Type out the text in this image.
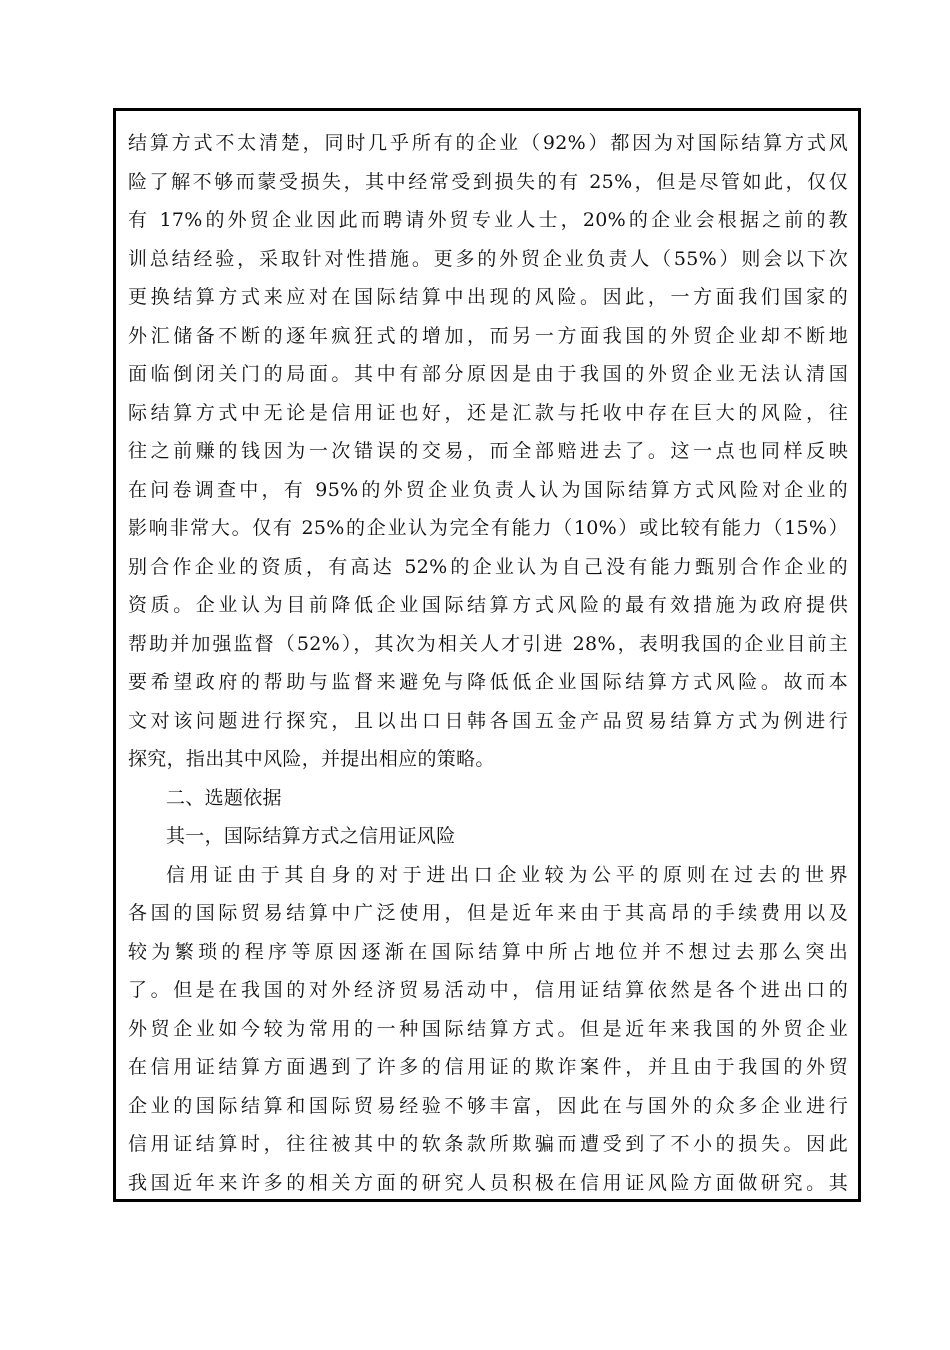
结算方式不太清楚，同时几乎所有的企业（92%）都因为对国际结算方式风
险了解不够而蒙受损失，其中经常受到损失的有 25%，但是尽管如此，仅仅
有 17%的外贸企业因此而聘请外贸专业人士，20%的企业会根据之前的教
训总结经验，采取针对性措施。更多的外贸企业负责人（55%）则会以下次
更换结算方式来应对在国际结算中出现的风险。因此，一方面我们国家的
外汇储备不断的逐年疯狂式的增加，而另一方面我国的外贸企业却不断地
面临倒闭关门的局面。其中有部分原因是由于我国的外贸企业无法认清国
际结算方式中无论是信用证也好，还是汇款与托收中存在巨大的风险，往
往之前赚的钱因为一次错误的交易，而全部赔进去了。这一点也同样反映
在问卷调查中，有 95%的外贸企业负责人认为国际结算方式风险对企业的
影响非常大。仅有 25%的企业认为完全有能力（10%）或比较有能力（15%）
别合作企业的资质，有高达 52%的企业认为自己没有能力甄别合作企业的
资质。企业认为目前降低企业国际结算方式风险的最有效措施为政府提供
帮助并加强监督（52%），其次为相关人才引进 28%，表明我国的企业目前主
要希望政府的帮助与监督来避免与降低低企业国际结算方式风险。故而本
文对该问题进行探究，且以出口日韩各国五金产品贸易结算方式为例进行
探究，指出其中风险，并提出相应的策略。
二、选题依据
其一，国际结算方式之信用证风险
信用证由于其自身的对于进出口企业较为公平的原则在过去的世界
各国的国际贸易结算中广泛使用，但是近年来由于其高昂的手续费用以及
较为繁琐的程序等原因逐渐在国际结算中所占地位并不想过去那么突出
了。但是在我国的对外经济贸易活动中，信用证结算依然是各个进出口的
外贸企业如今较为常用的一种国际结算方式。但是近年来我国的外贸企业
在信用证结算方面遇到了许多的信用证的欺诈案件，并且由于我国的外贸
企业的国际结算和国际贸易经验不够丰富，因此在与国外的众多企业进行
信用证结算时，往往被其中的软条款所欺骗而遭受到了不小的损失。因此
我国近年来许多的相关方面的研究人员积极在信用证风险方面做研究。其
